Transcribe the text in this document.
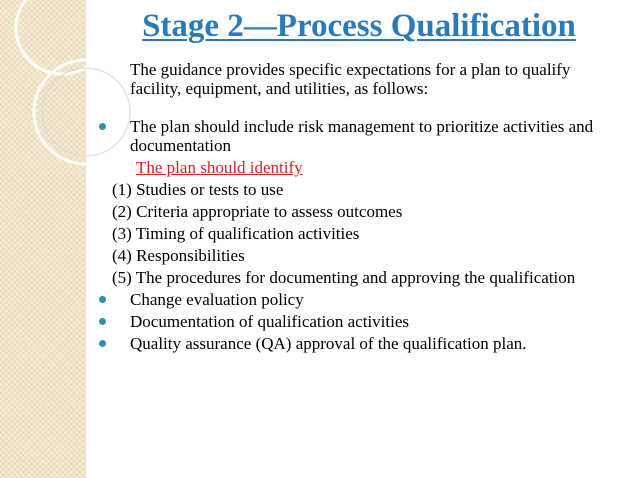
Stage 2—Process Qualification
The guidance provides specific expectations for a plan to qualify facility, equipment, and utilities, as follows:
The plan should include risk management to prioritize activities and documentation
The plan should identify
(1) Studies or tests to use
(2) Criteria appropriate to assess outcomes
(3) Timing of qualification activities
(4) Responsibilities
(5) The procedures for documenting and approving the qualification
Change evaluation policy
Documentation of qualification activities
Quality assurance (QA) approval of the qualification plan.
